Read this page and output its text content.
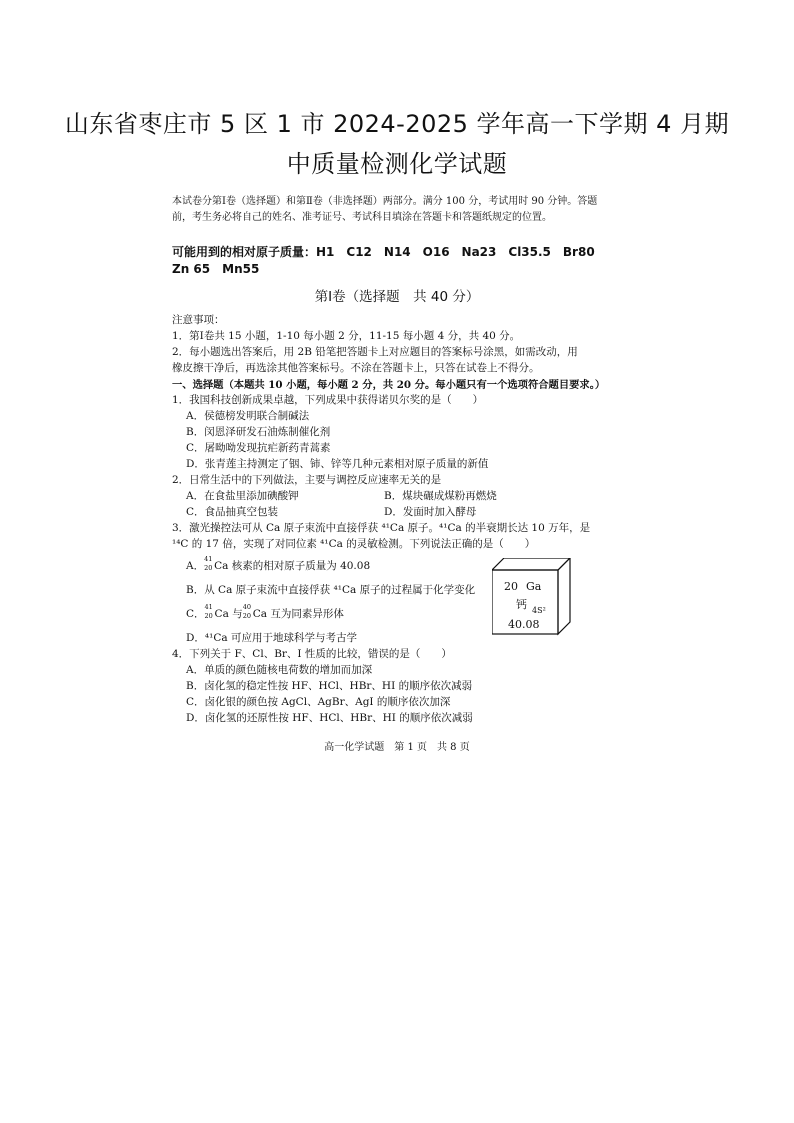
山东省枣庄市 5 区 1 市 2024-2025 学年高一下学期 4 月期
中质量检测化学试题
本试卷分第Ⅰ卷（选择题）和第Ⅱ卷（非选择题）两部分。满分 100 分，考试用时 90 分钟。答题前，考生务必将自己的姓名、准考证号、考试科目填涂在答题卡和答题纸规定的位置。
可能用到的相对原子质量：H1　C12　N14　O16　Na23　Cl35.5　Br80　Zn 65　Mn55
第Ⅰ卷（选择题　共 40 分）
注意事项：
1．第Ⅰ卷共 15 小题，1-10 每小题 2 分，11-15 每小题 4 分，共 40 分。
2．每小题选出答案后，用 2B 铅笔把答题卡上对应题目的答案标号涂黑，如需改动，用
橡皮擦干净后，再选涂其他答案标号。不涂在答题卡上，只答在试卷上不得分。
一、选择题（本题共 10 小题，每小题 2 分，共 20 分。每小题只有一个选项符合题目要求。）
1．我国科技创新成果卓越，下列成果中获得诺贝尔奖的是（　　）
A．侯德榜发明联合制碱法
B．闵恩泽研发石油炼制催化剂
C．屠呦呦发现抗疟新药青蒿素
D．张青莲主持测定了铟、铈、锌等几种元素相对原子质量的新值
2．日常生活中的下列做法，主要与调控反应速率无关的是
A．在食盐里添加碘酸钾	B．煤块碾成煤粉再燃烧
C．食品抽真空包装	D．发面时加入酵母
3．激光操控法可从 Ca 原子束流中直接俘获 ⁴¹Ca 原子。⁴¹Ca 的半衰期长达 10 万年，是
¹⁴C 的 17 倍，实现了对同位素 ⁴¹Ca 的灵敏检测。下列说法正确的是（　　）
A．
41
20 Ca 核素的相对原子质量为 40.08
B．从 Ca 原子束流中直接俘获 ⁴¹Ca 原子的过程属于化学变化
C．
41
20 Ca 与
40
20 Ca 互为同素异形体
D．⁴¹Ca 可应用于地球科学与考古学
20 Ga
钙 4S²
40.08
4．下列关于 F、Cl、Br、I 性质的比较，错误的是（　　）
A．单质的颜色随核电荷数的增加而加深
B．卤化氢的稳定性按 HF、HCl、HBr、HI 的顺序依次减弱
C．卤化银的颜色按 AgCl、AgBr、AgI 的顺序依次加深
D．卤化氢的还原性按 HF、HCl、HBr、HI 的顺序依次减弱
高一化学试题　第 1 页　共 8 页
